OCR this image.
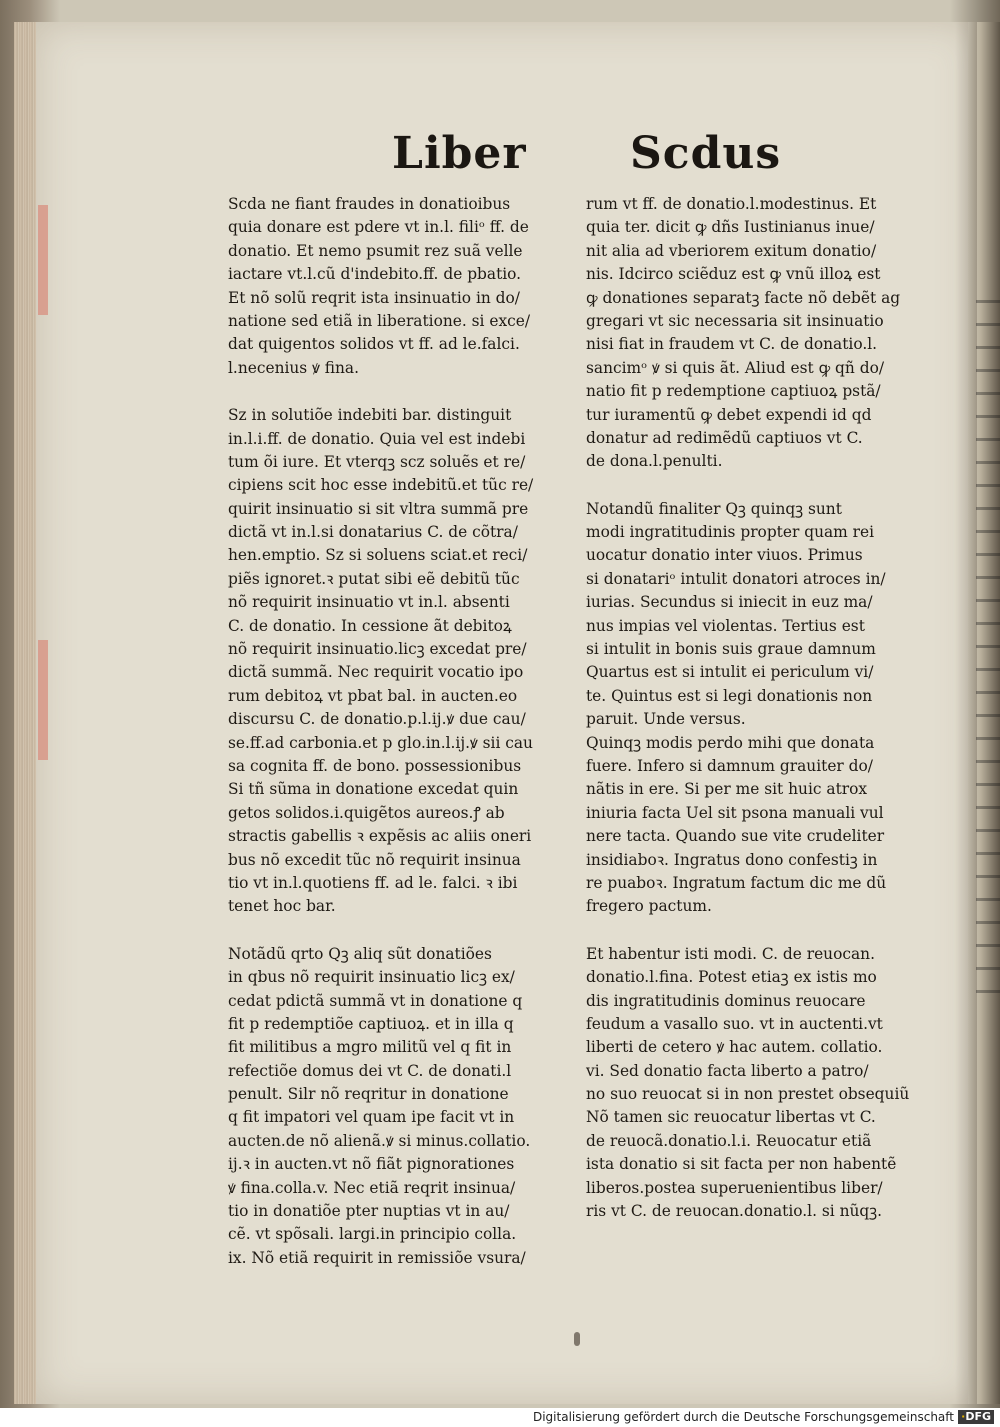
Liber Scdus
Scda ne fiant fraudes in donatioibus
quia donare est pdere vt in.l. filiᵒ ff. de
donatio. Et nemo psumit rez suã velle
iactare vt.l.cũ d'indebito.ff. de pbatio.
Et nõ solũ reqrit ista insinuatio in do/
natione sed etiã in liberatione. si exce/
dat quigentos solidos vt ff. ad le.falci.
l.necenius ꝟ fina.
Sz in solutiõe indebiti bar. distinguit
in.l.i.ff. de donatio. Quia vel est indebi
tum õi iure. Et vterqꝫ scz soluẽs et re/
cipiens scit hoc esse indebitũ.et tũc re/
quirit insinuatio si sit vltra summã pre
dictã vt in.l.si donatarius C. de cõtra/
hen.emptio. Sz si soluens sciat.et reci/
piẽs ignoret.ꝛ putat sibi eẽ debitũ tũc
nõ requirit insinuatio vt in.l. absenti
C. de donatio. In cessione ãt debitoꝝ
nõ requirit insinuatio.licꝫ excedat pre/
dictã summã. Nec requirit vocatio ipo
rum debitoꝝ vt pbat bal. in aucten.eo
discursu C. de donatio.p.l.ij.ꝟ due cau/
se.ff.ad carbonia.et p glo.in.l.ij.ꝟ sii cau
sa cognita ff. de bono. possessionibus
Si tñ sũma in donatione excedat quin
getos solidos.i.quigẽtos aureos.ꝭ ab
stractis gabellis ꝛ expẽsis ac aliis oneri
bus nõ excedit tũc nõ requirit insinua
tio vt in.l.quotiens ff. ad le. falci. ꝛ ibi
tenet hoc bar.
Notãdũ qrto Qꝫ aliq sũt donatiões
in qbus nõ requirit insinuatio licꝫ ex/
cedat pdictã summã vt in donatione q
fit p redemptiõe captiuoꝝ. et in illa q
fit militibus a mgro militũ vel q fit in
refectiõe domus dei vt C. de donati.l
penult. Silr nõ reqritur in donatione
q fit impatori vel quam ipe facit vt in
aucten.de nõ alienã.ꝟ si minus.collatio.
ij.ꝛ in aucten.vt nõ fiãt pignorationes
ꝟ fina.colla.v. Nec etiã reqrit insinua/
tio in donatiõe pter nuptias vt in au/
cẽ. vt spõsali. largi.in principio colla.
ix. Nõ etiã requirit in remissiõe vsura/
rum vt ff. de donatio.l.modestinus. Et
quia ter. dicit ꝙ dñs Iustinianus inue/
nit alia ad vberiorem exitum donatio/
nis. Idcirco sciẽduz est ꝙ vnũ illoꝝ est
ꝙ donationes separatꝫ facte nõ debẽt ag
gregari vt sic necessaria sit insinuatio
nisi fiat in fraudem vt C. de donatio.l.
sancimᵒ ꝟ si quis ãt. Aliud est ꝙ qñ do/
natio fit p redemptione captiuoꝝ pstã/
tur iuramentũ ꝙ debet expendi id qd
donatur ad redimẽdũ captiuos vt C.
de dona.l.penulti.
Notandũ finaliter Qꝫ quinqꝫ sunt
modi ingratitudinis propter quam rei
uocatur donatio inter viuos. Primus
si donatariᵒ intulit donatori atroces in/
iurias. Secundus si iniecit in euz ma/
nus impias vel violentas. Tertius est
si intulit in bonis suis graue damnum
Quartus est si intulit ei periculum vi/
te. Quintus est si legi donationis non
paruit. Unde versus.
Quinqꝫ modis perdo mihi que donata
fuere. Infero si damnum grauiter do/
nãtis in ere. Si per me sit huic atrox
iniuria facta Uel sit psona manuali vul
nere tacta. Quando sue vite crudeliter
insidiaboꝛ. Ingratus dono confestiꝫ in
re puaboꝛ. Ingratum factum dic me dũ
fregero pactum.
Et habentur isti modi. C. de reuocan.
donatio.l.fina. Potest etiaꝫ ex istis mo
dis ingratitudinis dominus reuocare
feudum a vasallo suo. vt in auctenti.vt
liberti de cetero ꝟ hac autem. collatio.
vi. Sed donatio facta liberto a patro/
no suo reuocat si in non prestet obsequiũ
Nõ tamen sic reuocatur libertas vt C.
de reuocã.donatio.l.i. Reuocatur etiã
ista donatio si sit facta per non habentẽ
liberos.postea superuenientibus liber/
ris vt C. de reuocan.donatio.l. si nũqꝫ.
Digitalisierung gefördert durch die Deutsche Forschungsgemeinschaft ·DFG
